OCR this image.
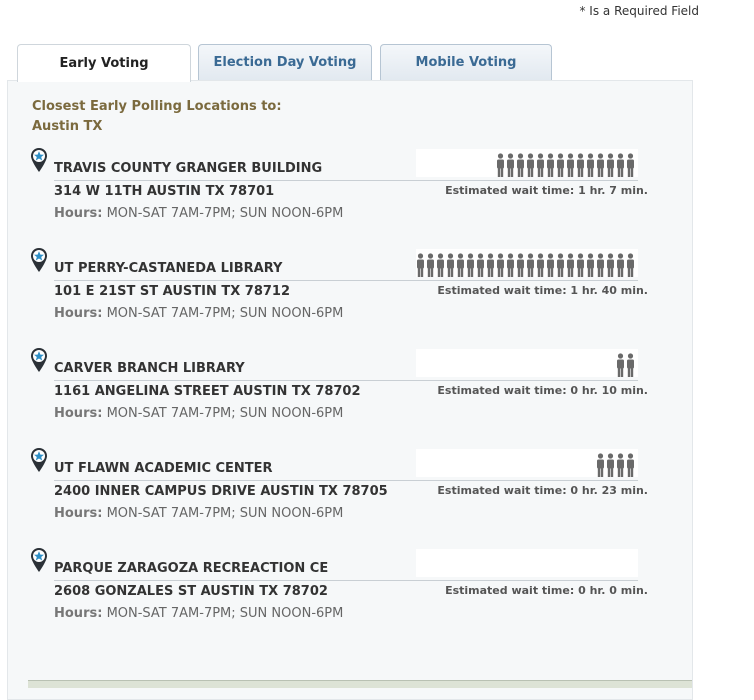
* Is a Required Field
Early Voting	Election Day Voting	Mobile Voting
Closest Early Polling Locations to:
Austin TX
TRAVIS COUNTY GRANGER BUILDING
314 W 11TH AUSTIN TX 78701	Estimated wait time: 1 hr. 7 min.
Hours: MON-SAT 7AM-7PM; SUN NOON-6PM
UT PERRY-CASTANEDA LIBRARY
101 E 21ST ST AUSTIN TX 78712	Estimated wait time: 1 hr. 40 min.
Hours: MON-SAT 7AM-7PM; SUN NOON-6PM
CARVER BRANCH LIBRARY
1161 ANGELINA STREET AUSTIN TX 78702	Estimated wait time: 0 hr. 10 min.
Hours: MON-SAT 7AM-7PM; SUN NOON-6PM
UT FLAWN ACADEMIC CENTER
2400 INNER CAMPUS DRIVE AUSTIN TX 78705	Estimated wait time: 0 hr. 23 min.
Hours: MON-SAT 7AM-7PM; SUN NOON-6PM
PARQUE ZARAGOZA RECREACTION CE
2608 GONZALES ST AUSTIN TX 78702	Estimated wait time: 0 hr. 0 min.
Hours: MON-SAT 7AM-7PM; SUN NOON-6PM
